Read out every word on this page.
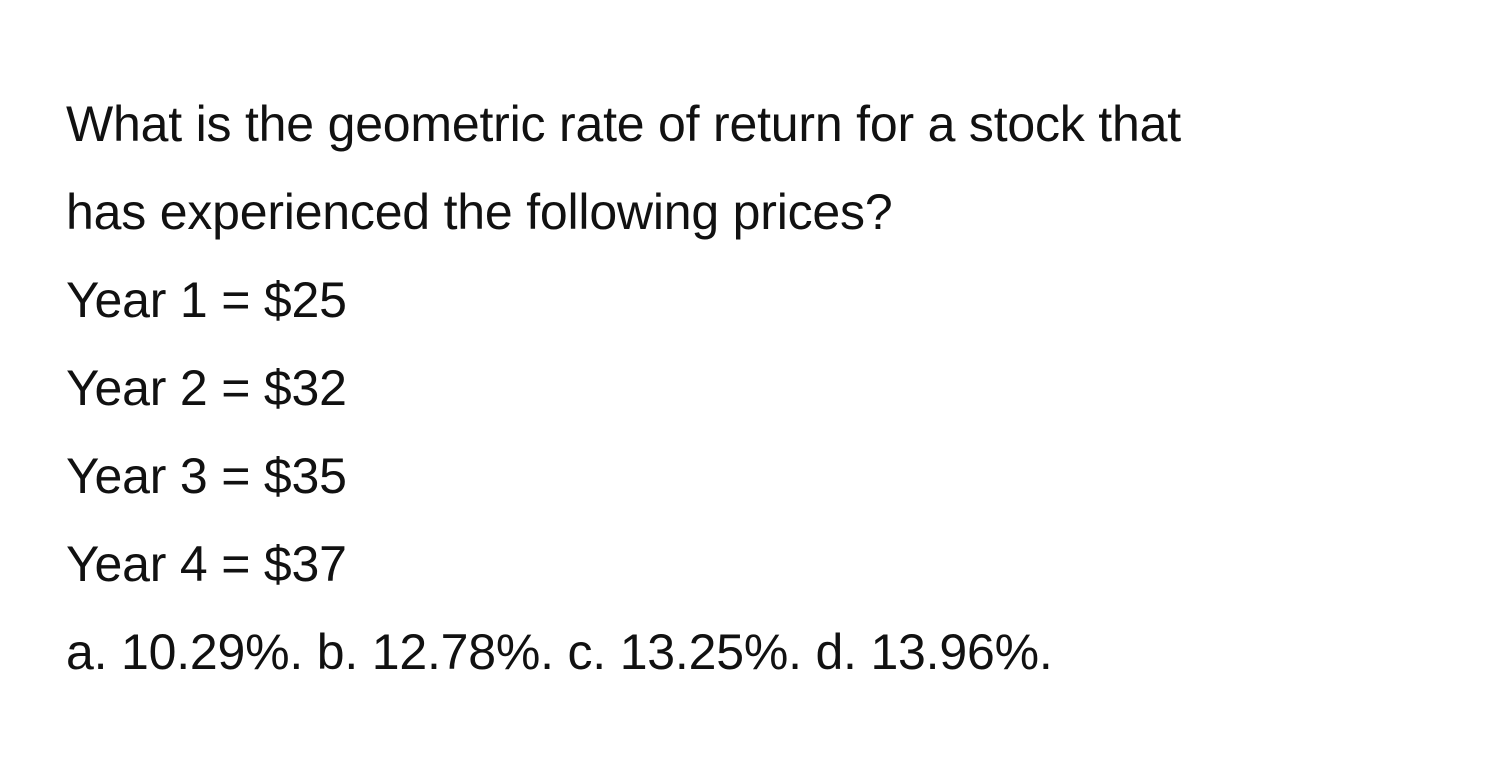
What is the geometric rate of return for a stock that
has experienced the following prices?
Year 1 = $25
Year 2 = $32
Year 3 = $35
Year 4 = $37
a. 10.29%. b. 12.78%. c. 13.25%. d. 13.96%.
